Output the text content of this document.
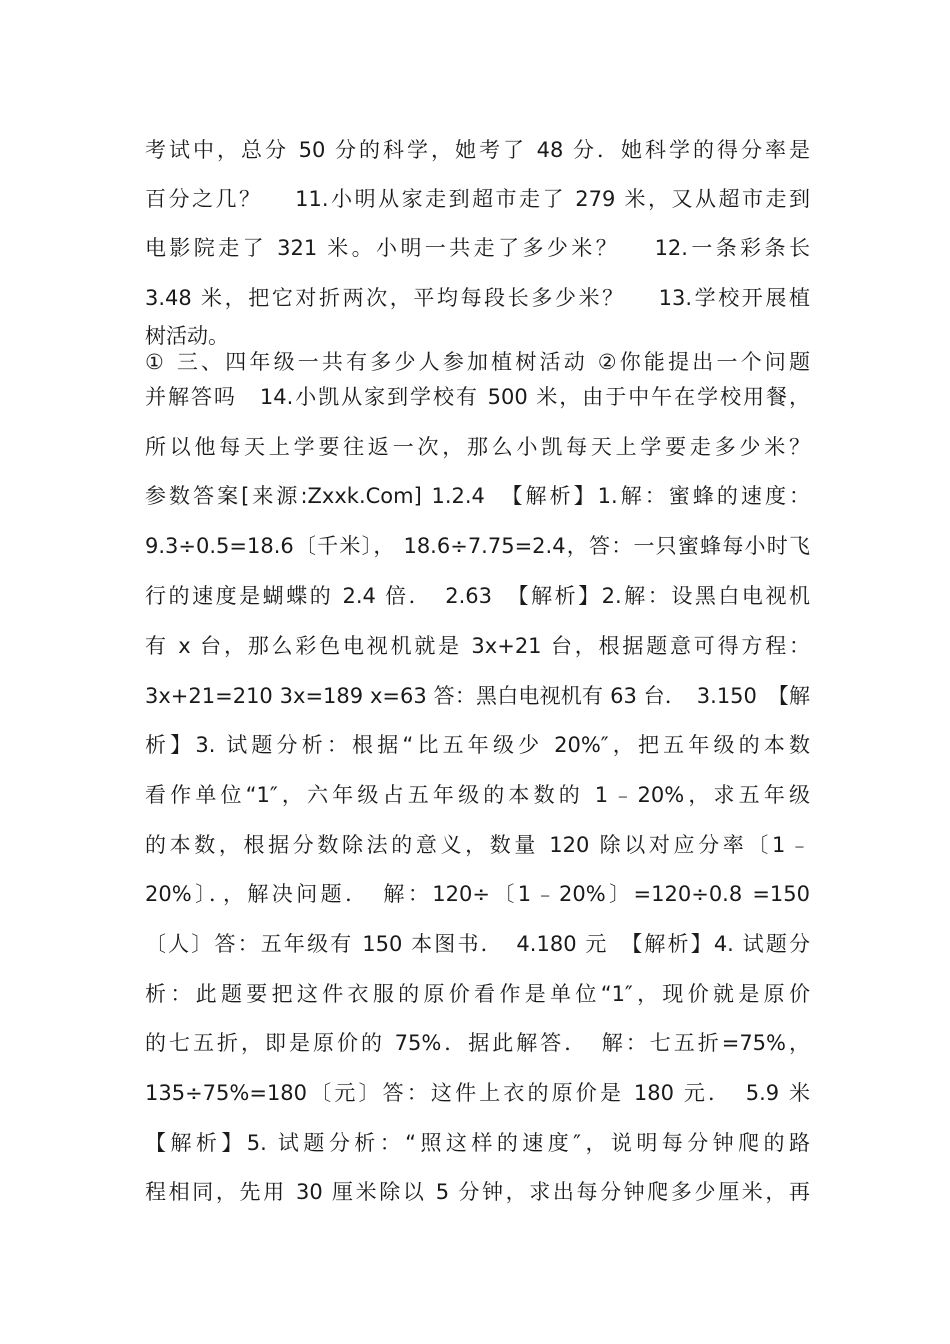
考试中，总分 50 分的科学，她考了 48 分．她科学的得分率是
百分之几？　 11.小明从家走到超市走了 279 米，又从超市走到
电影院走了 321 米。小明一共走了多少米？　 12.一条彩条长
3.48 米，把它对折两次，平均每段长多少米？　 13.学校开展植
树活动。
① 三、四年级一共有多少人参加植树活动 ②你能提出一个问题
并解答吗　14.小凯从家到学校有 500 米，由于中午在学校用餐，
所以他每天上学要往返一次，那么小凯每天上学要走多少米？
参数答案[来源:Zxxk.Com] 1.2.4　【解析】1.解：蜜蜂的速度：
9.3÷0.5=18.6〔千米〕， 18.6÷7.75=2.4，答：一只蜜蜂每小时飞
行的速度是蝴蝶的 2.4 倍．　2.63　【解析】2.解：设黑白电视机
有 x 台，那么彩色电视机就是 3x+21 台，根据题意可得方程：
3x+21=210 3x=189 x=63 答：黑白电视机有 63 台．　3.150　【解
析】3. 试题分析：根据“比五年级少 20%″，把五年级的本数
看作单位“1″，六年级占五年级的本数的 1﹣20%，求五年级
的本数，根据分数除法的意义，数量 120 除以对应分率〔1﹣
20%〕．，解决问题．　解：120÷〔1﹣20%〕=120÷0.8 =150
〔人〕答：五年级有 150 本图书．　4.180 元　【解析】4. 试题分
析：此题要把这件衣服的原价看作是单位“1″，现价就是原价
的七五折，即是原价的 75%．据此解答．　解：七五折=75%，
135÷75%=180〔元〕答：这件上衣的原价是 180 元．　5.9 米
【解析】5. 试题分析：“照这样的速度″，说明每分钟爬的路
程相同，先用 30 厘米除以 5 分钟，求出每分钟爬多少厘米，再
